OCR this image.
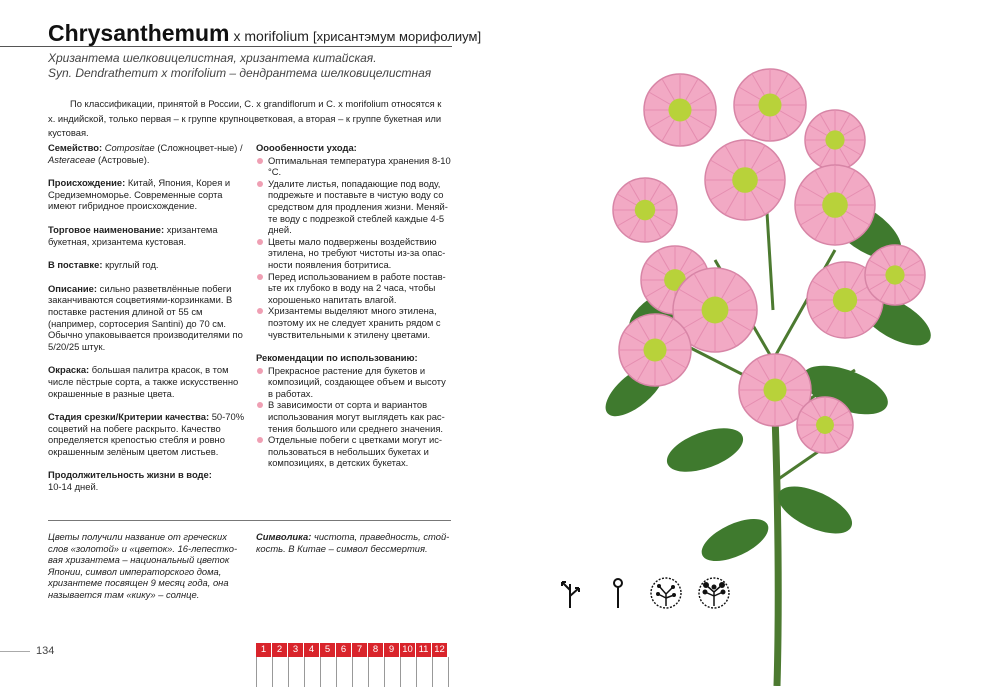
Chrysanthemum x morifolium [хрисантэмум морифолиум]
Хризантема шелковицелистная, хризантема китайская.
Syn. Dendrathemum x morifolium – дендрантема шелковицелистная
По классификации, принятой в России, C. x grandiflorum и C. x morifolium относятся к x. индийской, только первая – к группе крупноцветковая, а вторая – к группе букетная или кустовая.
Семейство: Compositae (Сложноцвет-ные) / Asteraceae (Астровые).
Происхождение: Китай, Япония, Корея и Средиземноморье. Современные сорта имеют гибридное происхождение.
Торговое наименование: хризантема букетная, хризантема кустовая.
В поставке: круглый год.
Описание: сильно разветвлённые побеги заканчиваются соцветиями-корзинками. В поставке растения длиной от 55 см (например, сортосерия Santini) до 70 см. Обычно упаковывается производителями по 5/20/25 штук.
Окраска: большая палитра красок, в том числе пёстрые сорта, а также искусственно окрашенные в разные цвета.
Стадия срезки/Критерии качества: 50-70% соцветий на побеге раскрыто. Качество определяется крепостью стебля и ровно окрашенным зелёным цветом листьев.
Продолжительность жизни в воде:
10-14 дней.
Ооообенности ухода:
Оптимальная температура хранения 8-10 °C.
Удалите листья, попадающие под воду, подрежьте и поставьте в чистую воду со средством для продления жизни. Меняй-те воду с подрезкой стеблей каждые 4-5 дней.
Цветы мало подвержены воздействию этилена, но требуют чистоты из-за опас-ности появления ботритиса.
Перед использованием в работе постав-ьте их глубоко в воду на 2 часа, чтобы хорошенько напитать влагой.
Хризантемы выделяют много этилена, поэтому их не следует хранить рядом с чувствительными к этилену цветами.
Рекомендации по использованию:
Прекрасное растение для букетов и композиций, создающее объем и высоту в работах.
В зависимости от сорта и вариантов использования могут выглядеть как рас-тения большого или среднего значения.
Отдельные побеги с цветками могут ис-пользоваться в небольших букетах и композициях, в детских букетах.
Цветы получили название от греческих слов «золотой» и «цветок». 16-лепестко-вая хризантема – национальный цветок Японии, символ императорского дома, хризантеме посвящен 9 месяц года, она называется там «кику» – солнце.
Символика: чистота, праведность, стой-кость. В Китае – символ бессмертия.
134	1	2	3	4	5	6	7	8	9 10 11 12
